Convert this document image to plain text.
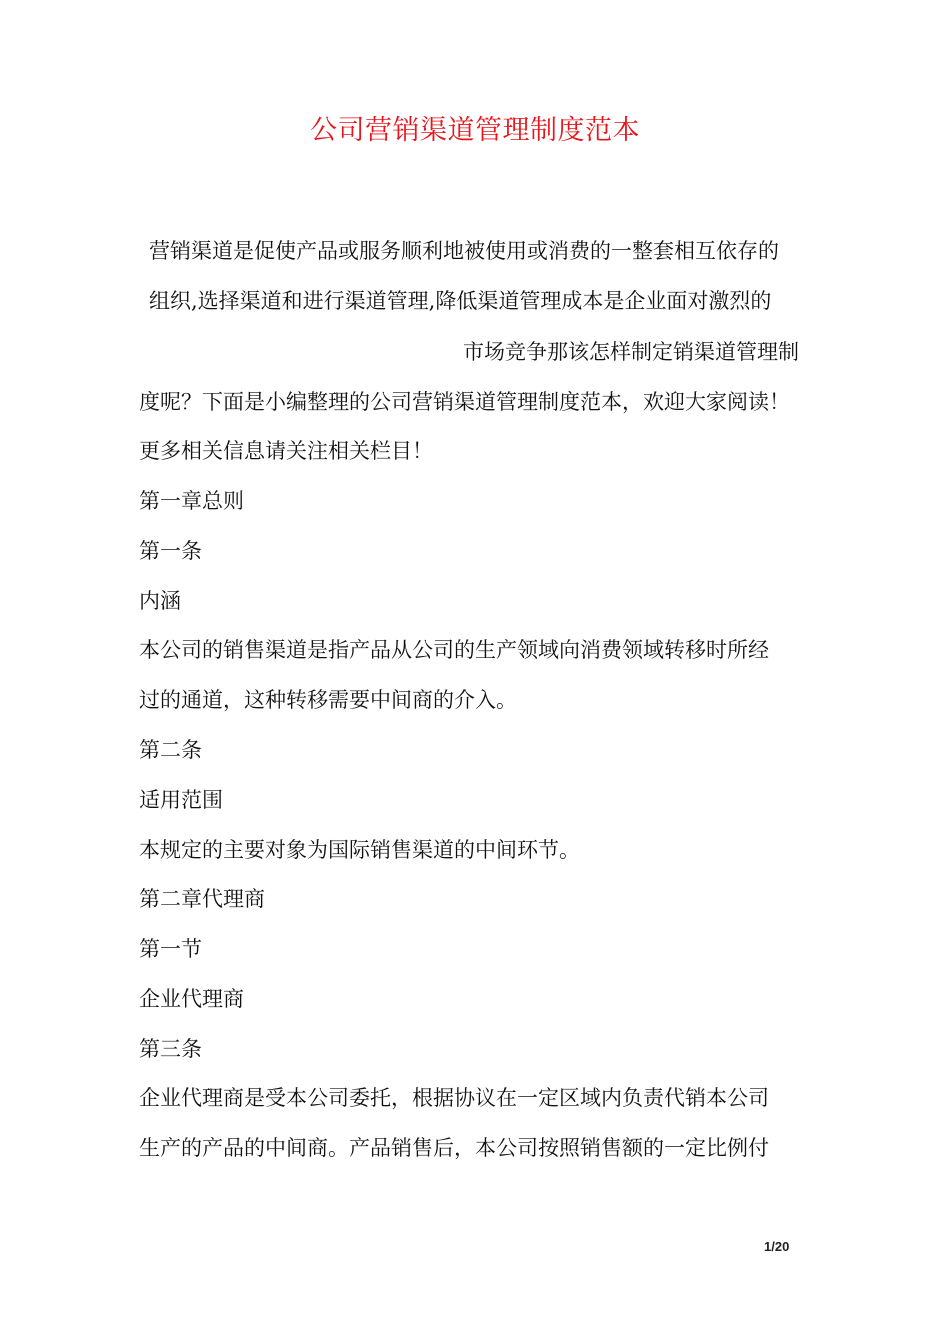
公司营销渠道管理制度范本
营销渠道是促使产品或服务顺利地被使用或消费的一整套相互依存的
组织,选择渠道和进行渠道管理,降低渠道管理成本是企业面对激烈的
市场竞争那该怎样制定销渠道管理制
度呢？下面是小编整理的公司营销渠道管理制度范本，欢迎大家阅读！
更多相关信息请关注相关栏目！
第一章总则
第一条
内涵
本公司的销售渠道是指产品从公司的生产领域向消费领域转移时所经
过的通道，这种转移需要中间商的介入。
第二条
适用范围
本规定的主要对象为国际销售渠道的中间环节。
第二章代理商
第一节
企业代理商
第三条
企业代理商是受本公司委托，根据协议在一定区域内负责代销本公司
生产的产品的中间商。产品销售后，本公司按照销售额的一定比例付
1/20
